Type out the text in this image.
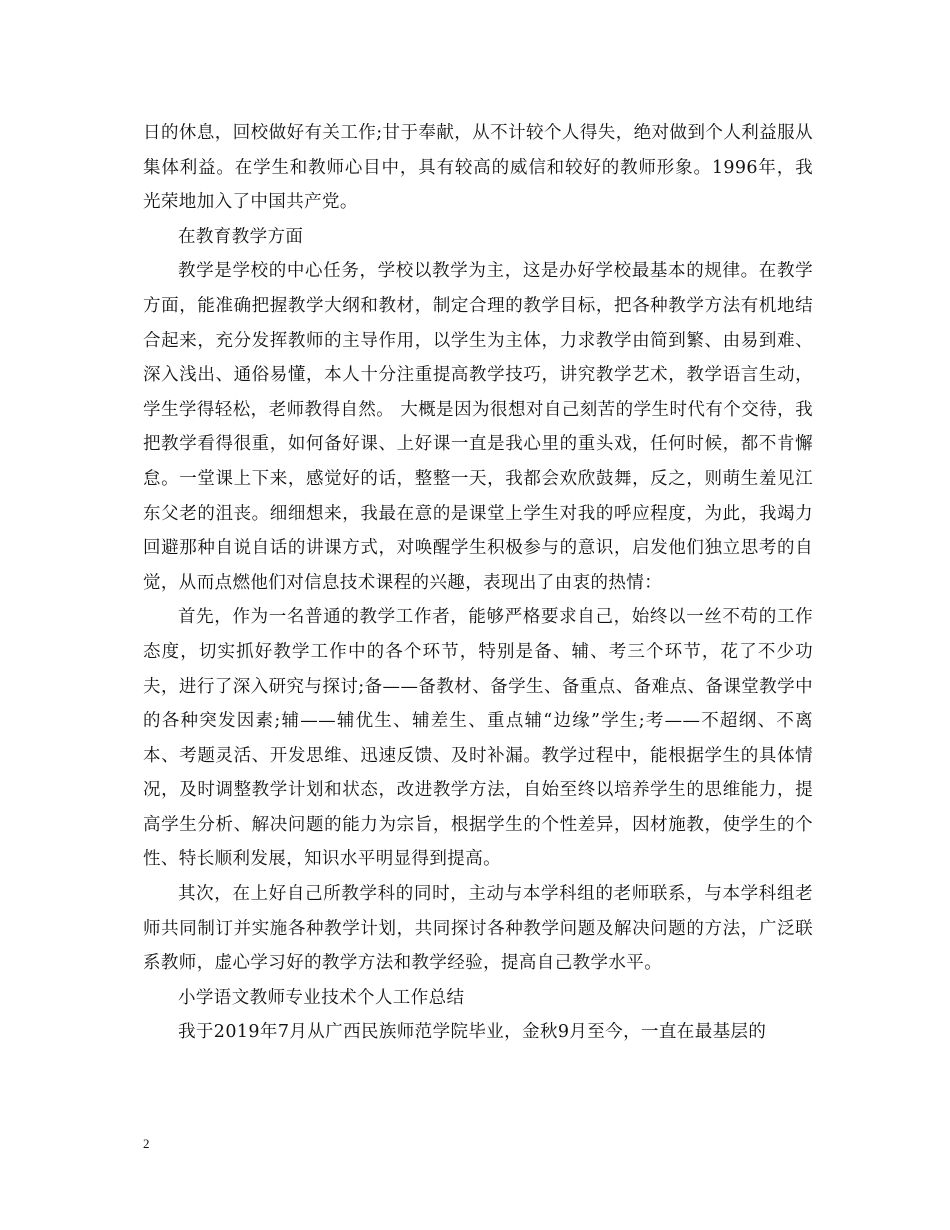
日的休息，回校做好有关工作;甘于奉献，从不计较个人得失，绝对做到个人利益服从集体利益。在学生和教师心目中，具有较高的威信和较好的教师形象。1996年，我光荣地加入了中国共产党。

在教育教学方面

教学是学校的中心任务，学校以教学为主，这是办好学校最基本的规律。在教学方面，能准确把握教学大纲和教材，制定合理的教学目标，把各种教学方法有机地结合起来，充分发挥教师的主导作用，以学生为主体，力求教学由简到繁、由易到难、深入浅出、通俗易懂，本人十分注重提高教学技巧，讲究教学艺术，教学语言生动，学生学得轻松，老师教得自然。 大概是因为很想对自己刻苦的学生时代有个交待，我把教学看得很重，如何备好课、上好课一直是我心里的重头戏，任何时候，都不肯懈怠。一堂课上下来，感觉好的话，整整一天，我都会欢欣鼓舞，反之，则萌生羞见江东父老的沮丧。细细想来，我最在意的是课堂上学生对我的呼应程度，为此，我竭力回避那种自说自话的讲课方式，对唤醒学生积极参与的意识，启发他们独立思考的自觉，从而点燃他们对信息技术课程的兴趣，表现出了由衷的热情：

首先，作为一名普通的教学工作者，能够严格要求自己，始终以一丝不苟的工作态度，切实抓好教学工作中的各个环节，特别是备、辅、考三个环节，花了不少功夫，进行了深入研究与探讨;备——备教材、备学生、备重点、备难点、备课堂教学中的各种突发因素;辅——辅优生、辅差生、重点辅“边缘”学生;考——不超纲、不离本、考题灵活、开发思维、迅速反馈、及时补漏。教学过程中，能根据学生的具体情况，及时调整教学计划和状态，改进教学方法，自始至终以培养学生的思维能力，提高学生分析、解决问题的能力为宗旨，根据学生的个性差异，因材施教，使学生的个性、特长顺利发展，知识水平明显得到提高。

其次，在上好自己所教学科的同时，主动与本学科组的老师联系，与本学科组老师共同制订并实施各种教学计划，共同探讨各种教学问题及解决问题的方法，广泛联系教师，虚心学习好的教学方法和教学经验，提高自己教学水平。

小学语文教师专业技术个人工作总结

我于2019年7月从广西民族师范学院毕业，金秋9月至今，一直在最基层的

2
